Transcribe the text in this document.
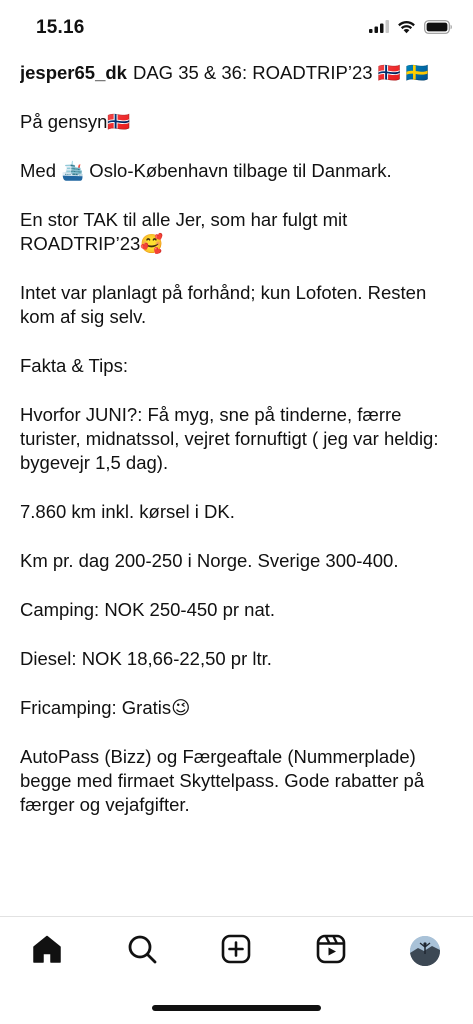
15.16

jesper65_dk DAG 35 & 36: ROADTRIP’23 🇳🇴 🇸🇪

På gensyn🇳🇴

Med 🛳️ Oslo-København tilbage til Danmark.

En stor TAK til alle Jer, som har fulgt mit ROADTRIP’23🥰

Intet var planlagt på forhånd; kun Lofoten. Resten kom af sig selv.

Fakta & Tips:

Hvorfor JUNI?: Få myg, sne på tinderne, færre turister, midnatssol, vejret fornuftigt ( jeg var heldig: bygevejr 1,5 dag).

7.860 km inkl. kørsel i DK.

Km pr. dag 200-250 i Norge. Sverige 300-400.

Camping: NOK 250-450 pr nat.

Diesel: NOK 18,66-22,50 pr ltr.

Fricamping: Gratis😉

AutoPass (Bizz) og Færgeaftale (Nummerplade) begge med firmaet Skyttelpass. Gode rabatter på færger og vejafgifter.
